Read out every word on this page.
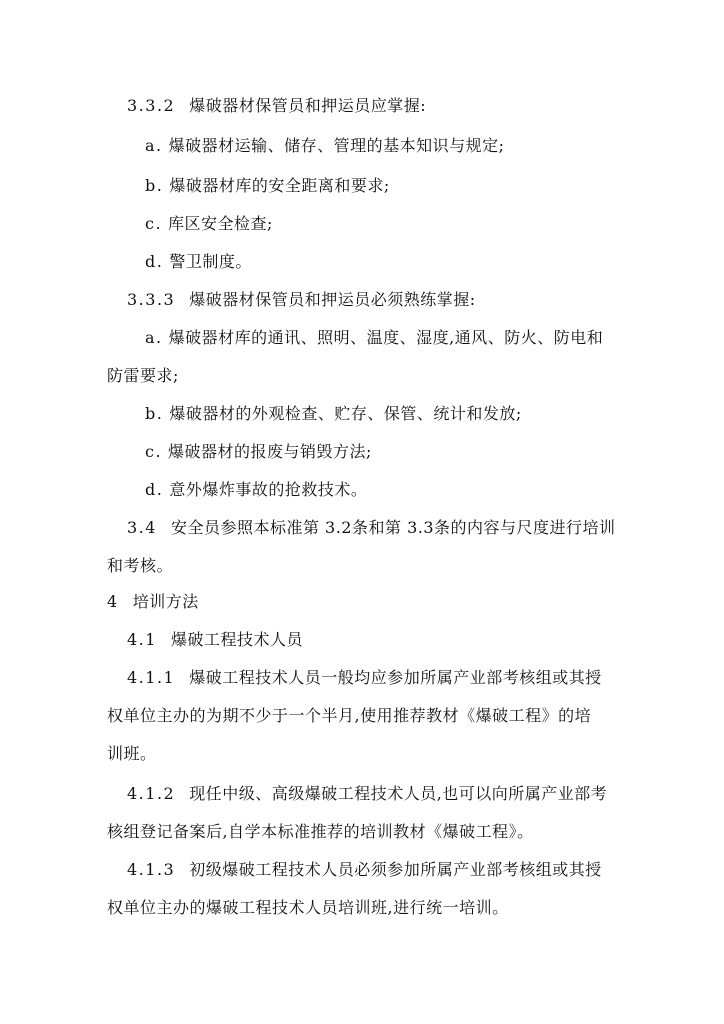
3.3.2 爆破器材保管员和押运员应掌握:
a. 爆破器材运输、储存、管理的基本知识与规定;
b. 爆破器材库的安全距离和要求;
c. 库区安全检查;
d. 警卫制度。
3.3.3 爆破器材保管员和押运员必须熟练掌握:
a. 爆破器材库的通讯、照明、温度、湿度,通风、防火、防电和
防雷要求;
b. 爆破器材的外观检查、贮存、保管、统计和发放;
c. 爆破器材的报废与销毁方法;
d. 意外爆炸事故的抢救技术。
3.4 安全员参照本标准第 3.2条和第 3.3条的内容与尺度进行培训
和考核。
4 培训方法
4.1 爆破工程技术人员
4.1.1 爆破工程技术人员一般均应参加所属产业部考核组或其授
权单位主办的为期不少于一个半月,使用推荐教材《爆破工程》的培
训班。
4.1.2 现任中级、高级爆破工程技术人员,也可以向所属产业部考
核组登记备案后,自学本标准推荐的培训教材《爆破工程》。
4.1.3 初级爆破工程技术人员必须参加所属产业部考核组或其授
权单位主办的爆破工程技术人员培训班,进行统一培训。
